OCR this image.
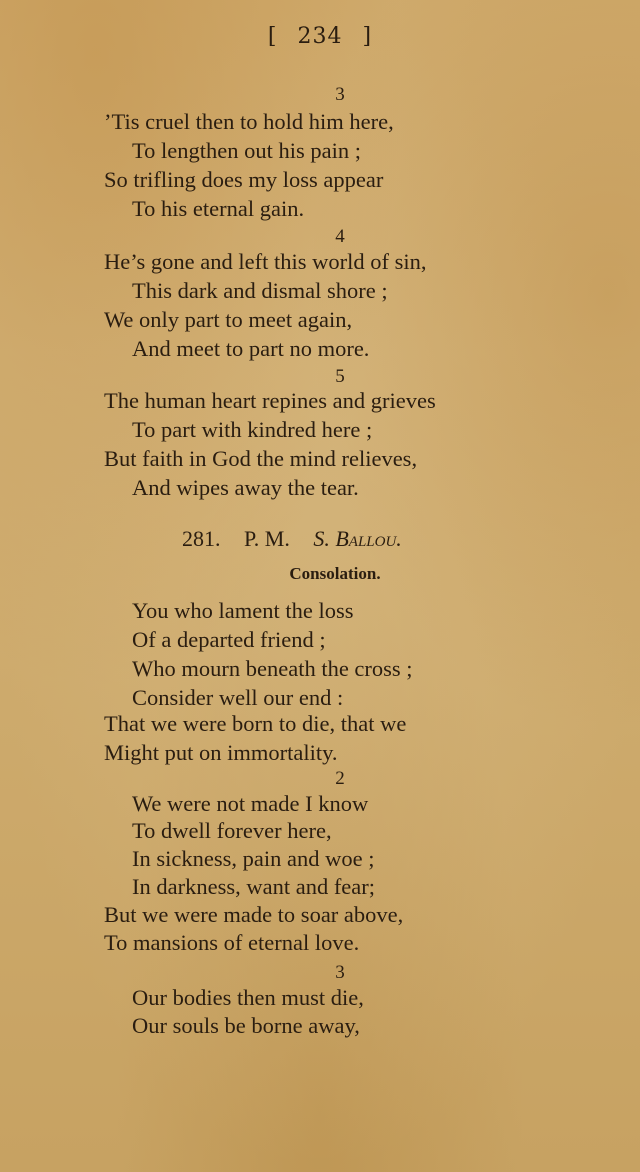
[ 234 ]
3
’Tis cruel then to hold him here,
To lengthen out his pain ;
So trifling does my loss appear
To his eternal gain.
4
He’s gone and left this world of sin,
This dark and dismal shore ;
We only part to meet again,
And meet to part no more.
5
The human heart repines and grieves
To part with kindred here ;
But faith in God the mind relieves,
And wipes away the tear.
281. P. M. S. Ballou.
Consolation.
You who lament the loss
Of a departed friend ;
Who mourn beneath the cross ;
Consider well our end :
That we were born to die, that we
Might put on immortality.
2
We were not made I know
To dwell forever here,
In sickness, pain and woe ;
In darkness, want and fear;
But we were made to soar above,
To mansions of eternal love.
3
Our bodies then must die,
Our souls be borne away,
